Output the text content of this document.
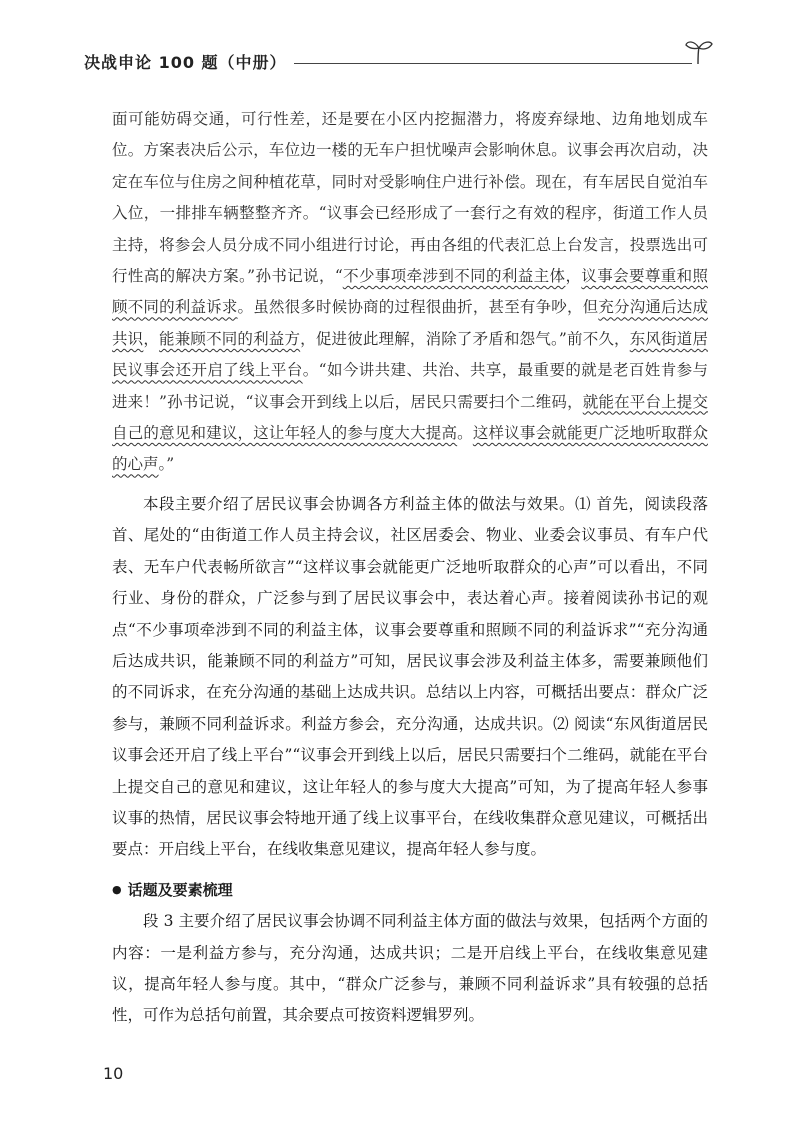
决战申论 100 题（中册）

面可能妨碍交通，可行性差，还是要在小区内挖掘潜力，将废弃绿地、边角地划成车位。方案表决后公示，车位边一楼的无车户担忧噪声会影响休息。议事会再次启动，决定在车位与住房之间种植花草，同时对受影响住户进行补偿。现在，有车居民自觉泊车入位，一排排车辆整整齐齐。“议事会已经形成了一套行之有效的程序，街道工作人员主持，将参会人员分成不同小组进行讨论，再由各组的代表汇总上台发言，投票选出可行性高的解决方案。”孙书记说，“不少事项牵涉到不同的利益主体，议事会要尊重和照顾不同的利益诉求。虽然很多时候协商的过程很曲折，甚至有争吵，但充分沟通后达成共识，能兼顾不同的利益方，促进彼此理解，消除了矛盾和怨气。”前不久，东风街道居民议事会还开启了线上平台。“如今讲共建、共治、共享，最重要的就是老百姓肯参与进来！”孙书记说，“议事会开到线上以后，居民只需要扫个二维码，就能在平台上提交自己的意见和建议，这让年轻人的参与度大大提高。这样议事会就能更广泛地听取群众的心声。”

本段主要介绍了居民议事会协调各方利益主体的做法与效果。⑴ 首先，阅读段落首、尾处的“由街道工作人员主持会议，社区居委会、物业、业委会议事员、有车户代表、无车户代表畅所欲言”“这样议事会就能更广泛地听取群众的心声”可以看出，不同行业、身份的群众，广泛参与到了居民议事会中，表达着心声。接着阅读孙书记的观点“不少事项牵涉到不同的利益主体，议事会要尊重和照顾不同的利益诉求”“充分沟通后达成共识，能兼顾不同的利益方”可知，居民议事会涉及利益主体多，需要兼顾他们的不同诉求，在充分沟通的基础上达成共识。总结以上内容，可概括出要点：群众广泛参与，兼顾不同利益诉求。利益方参会，充分沟通，达成共识。⑵ 阅读“东风街道居民议事会还开启了线上平台”“议事会开到线上以后，居民只需要扫个二维码，就能在平台上提交自己的意见和建议，这让年轻人的参与度大大提高”可知，为了提高年轻人参事议事的热情，居民议事会特地开通了线上议事平台，在线收集群众意见建议，可概括出要点：开启线上平台，在线收集意见建议，提高年轻人参与度。

● 话题及要素梳理

段 3 主要介绍了居民议事会协调不同利益主体方面的做法与效果，包括两个方面的内容：一是利益方参与，充分沟通，达成共识；二是开启线上平台，在线收集意见建议，提高年轻人参与度。其中，“群众广泛参与，兼顾不同利益诉求”具有较强的总括性，可作为总括句前置，其余要点可按资料逻辑罗列。

10
